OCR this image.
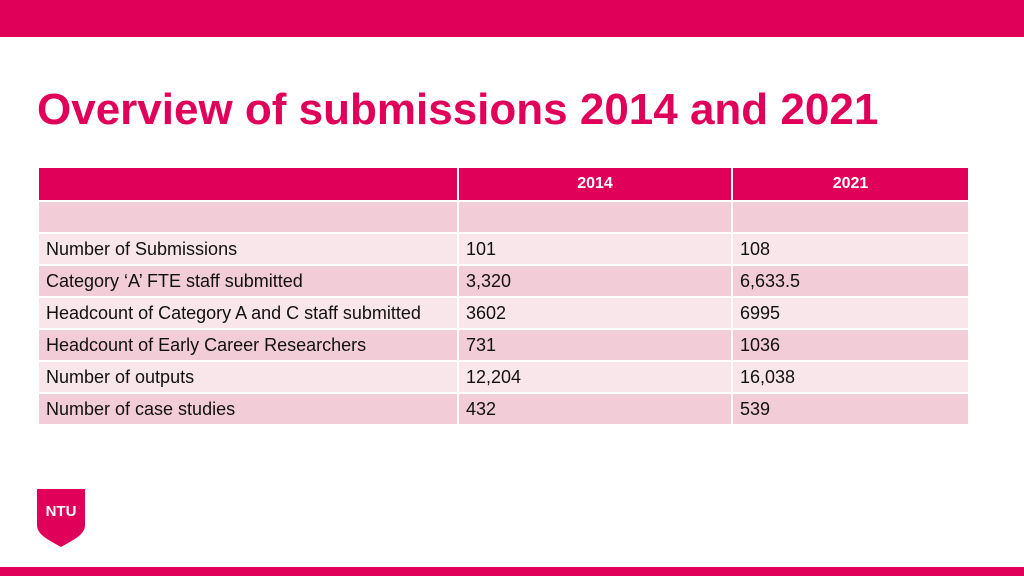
Overview of submissions 2014 and 2021
	2014	2021

Number of Submissions	101	108
Category ‘A’ FTE staff submitted	3,320	6,633.5
Headcount of Category A and C staff submitted	3602	6995
Headcount of Early Career Researchers	731	1036
Number of outputs	12,204	16,038
Number of case studies	432	539
NTU
